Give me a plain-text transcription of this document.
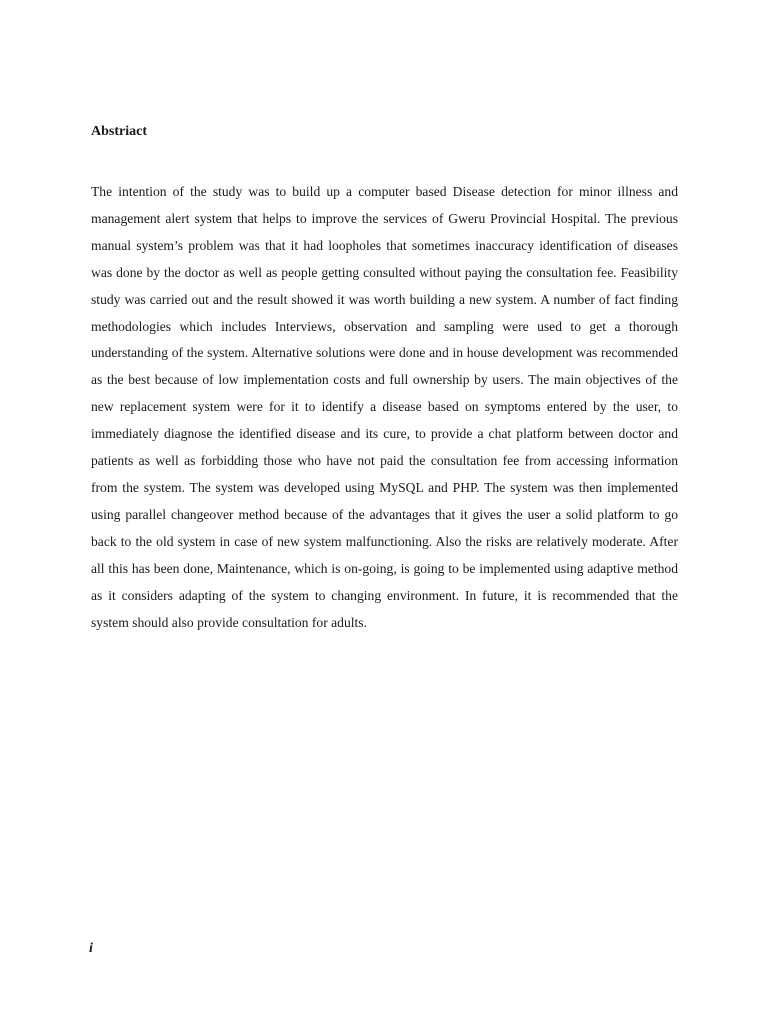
Abstriact

The intention of the study was to build up a computer based Disease detection for minor illness and management alert system that helps to improve the services of Gweru Provincial Hospital. The previous manual system’s problem was that it had loopholes that sometimes inaccuracy identification of diseases was done by the doctor as well as people getting consulted without paying the consultation fee. Feasibility study was carried out and the result showed it was worth building a new system. A number of fact finding methodologies which includes Interviews, observation and sampling were used to get a thorough understanding of the system. Alternative solutions were done and in house development was recommended as the best because of low implementation costs and full ownership by users. The main objectives of the new replacement system were for it to identify a disease based on symptoms entered by the user, to immediately diagnose the identified disease and its cure, to provide a chat platform between doctor and patients as well as forbidding those who have not paid the consultation fee from accessing information from the system. The system was developed using MySQL and PHP. The system was then implemented using parallel changeover method because of the advantages that it gives the user a solid platform to go back to the old system in case of new system malfunctioning. Also the risks are relatively moderate. After all this has been done, Maintenance, which is on-going, is going to be implemented using adaptive method as it considers adapting of the system to changing environment. In future, it is recommended that the system should also provide consultation for adults.

i
